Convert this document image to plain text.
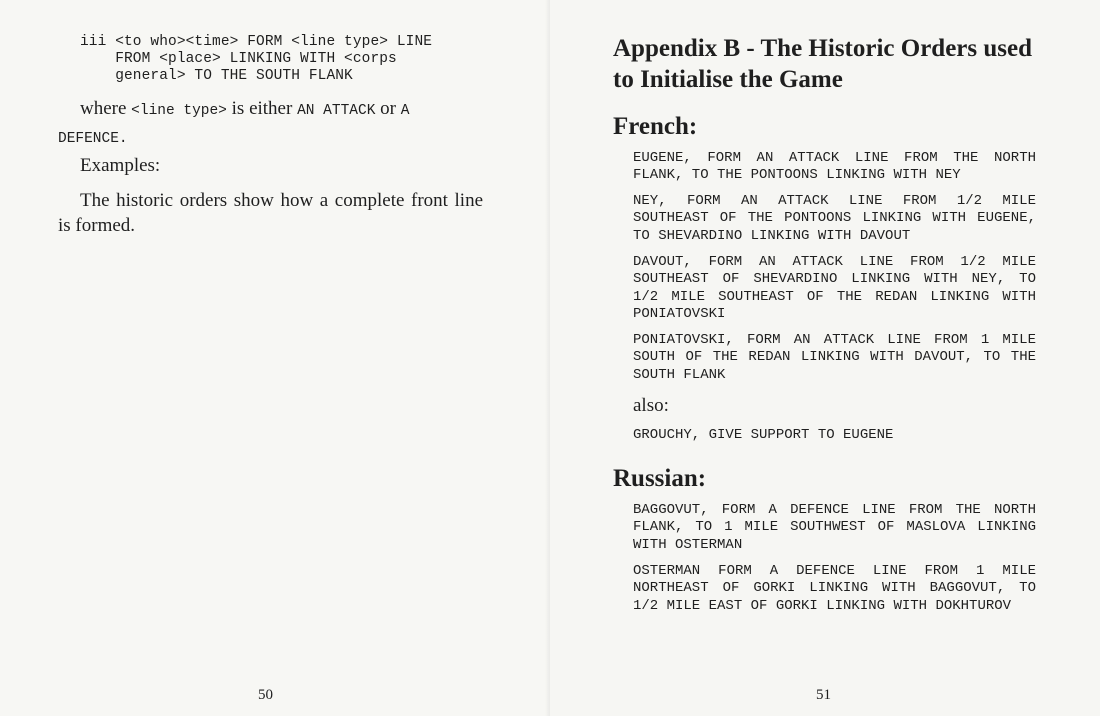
iii <to who><time> FORM <line type> LINE
FROM <place> LINKING WITH <corps
general> TO THE SOUTH FLANK
where <line type> is either AN ATTACK or A
DEFENCE.
Examples:
The historic orders show how a complete front line is formed.
50
Appendix B - The Historic Orders used to Initialise the Game
French:

EUGENE, FORM AN ATTACK LINE FROM THE NORTH FLANK, TO THE PONTOONS LINKING WITH NEY

NEY, FORM AN ATTACK LINE FROM 1/2 MILE SOUTHEAST OF THE PONTOONS LINKING WITH EUGENE, TO SHEVARDINO LINKING WITH DAVOUT

DAVOUT, FORM AN ATTACK LINE FROM 1/2 MILE SOUTHEAST OF SHEVARDINO LINKING WITH NEY, TO 1/2 MILE SOUTHEAST OF THE REDAN LINKING WITH PONIATOVSKI

PONIATOVSKI, FORM AN ATTACK LINE FROM 1 MILE SOUTH OF THE REDAN LINKING WITH DAVOUT, TO THE SOUTH FLANK

also:

GROUCHY, GIVE SUPPORT TO EUGENE

Russian:

BAGGOVUT, FORM A DEFENCE LINE FROM THE NORTH FLANK, TO 1 MILE SOUTHWEST OF MASLOVA LINKING WITH OSTERMAN

OSTERMAN FORM A DEFENCE LINE FROM 1 MILE NORTHEAST OF GORKI LINKING WITH BAGGOVUT, TO 1/2 MILE EAST OF GORKI LINKING WITH DOKHTUROV

51
